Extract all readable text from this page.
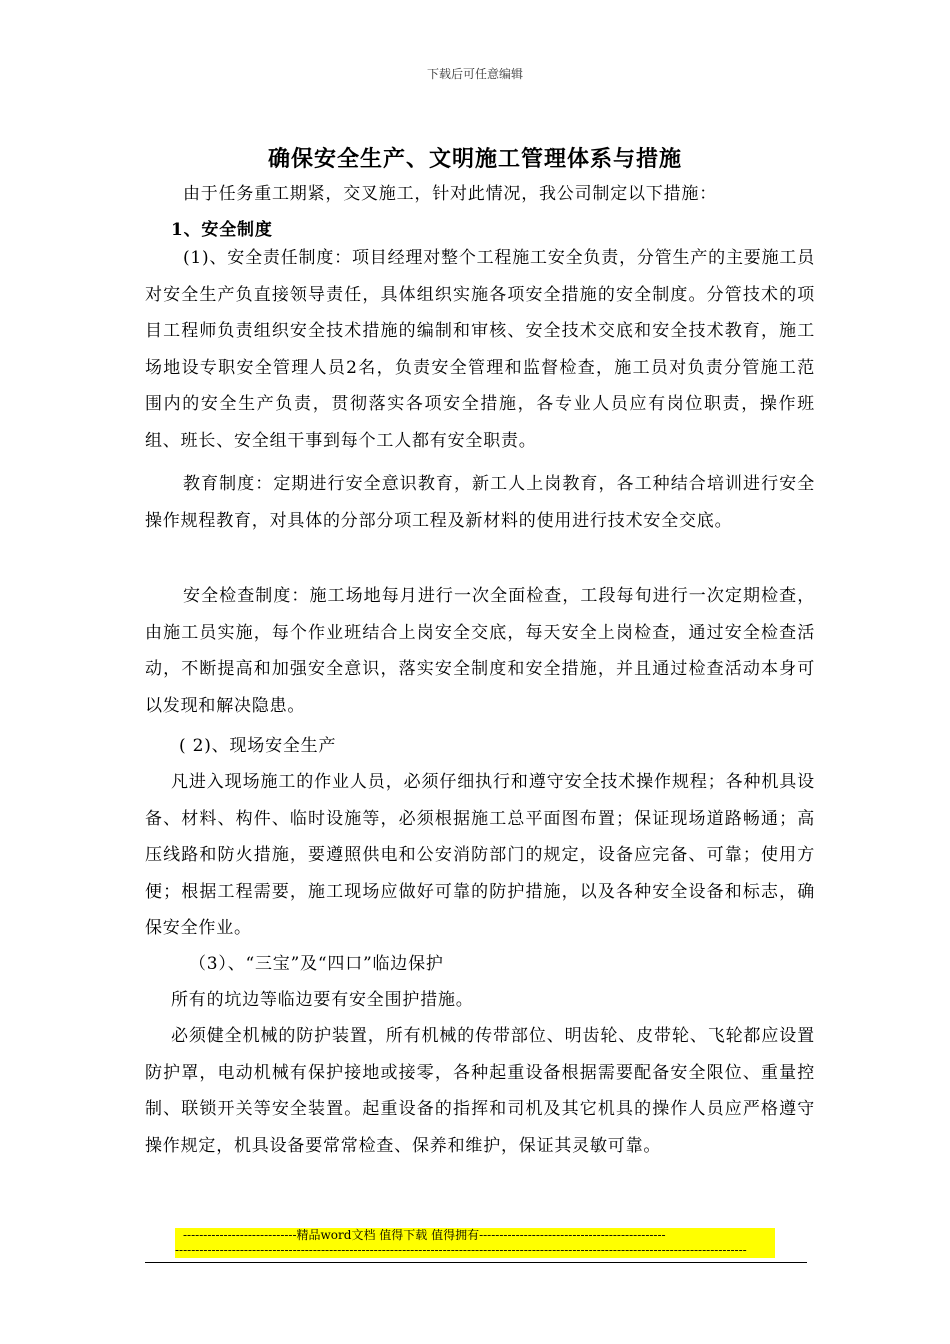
下载后可任意编辑
确保安全生产、文明施工管理体系与措施
由于任务重工期紧，交叉施工，针对此情况，我公司制定以下措施：
1、安全制度
(1)、安全责任制度：项目经理对整个工程施工安全负责，分管生产的主要施工员对安全生产负直接领导责任，具体组织实施各项安全措施的安全制度。分管技术的项目工程师负责组织安全技术措施的编制和审核、安全技术交底和安全技术教育，施工场地设专职安全管理人员2名，负责安全管理和监督检查，施工员对负责分管施工范围内的安全生产负责，贯彻落实各项安全措施，各专业人员应有岗位职责，操作班组、班长、安全组干事到每个工人都有安全职责。
教育制度：定期进行安全意识教育，新工人上岗教育，各工种结合培训进行安全操作规程教育，对具体的分部分项工程及新材料的使用进行技术安全交底。
安全检查制度：施工场地每月进行一次全面检查，工段每旬进行一次定期检查，由施工员实施，每个作业班结合上岗安全交底，每天安全上岗检查，通过安全检查活动，不断提高和加强安全意识，落实安全制度和安全措施，并且通过检查活动本身可以发现和解决隐患。
( 2)、现场安全生产
凡进入现场施工的作业人员，必须仔细执行和遵守安全技术操作规程；各种机具设备、材料、构件、临时设施等，必须根据施工总平面图布置；保证现场道路畅通；高压线路和防火措施，要遵照供电和公安消防部门的规定，设备应完备、可靠；使用方便；根据工程需要，施工现场应做好可靠的防护措施，以及各种安全设备和标志，确保安全作业。
（3）、“三宝”及“四口”临边保护
所有的坑边等临边要有安全围护措施。
必须健全机械的防护装置，所有机械的传带部位、明齿轮、皮带轮、飞轮都应设置防护罩，电动机械有保护接地或接零，各种起重设备根据需要配备安全限位、重量控制、联锁开关等安全装置。起重设备的指挥和司机及其它机具的操作人员应严格遵守操作规定，机具设备要常常检查、保养和维护，保证其灵敏可靠。
----------------------------精品word文档 值得下载 值得拥有----------------------------------------------
---------------------------------------------------------------------------------------------------------------------------------------------
